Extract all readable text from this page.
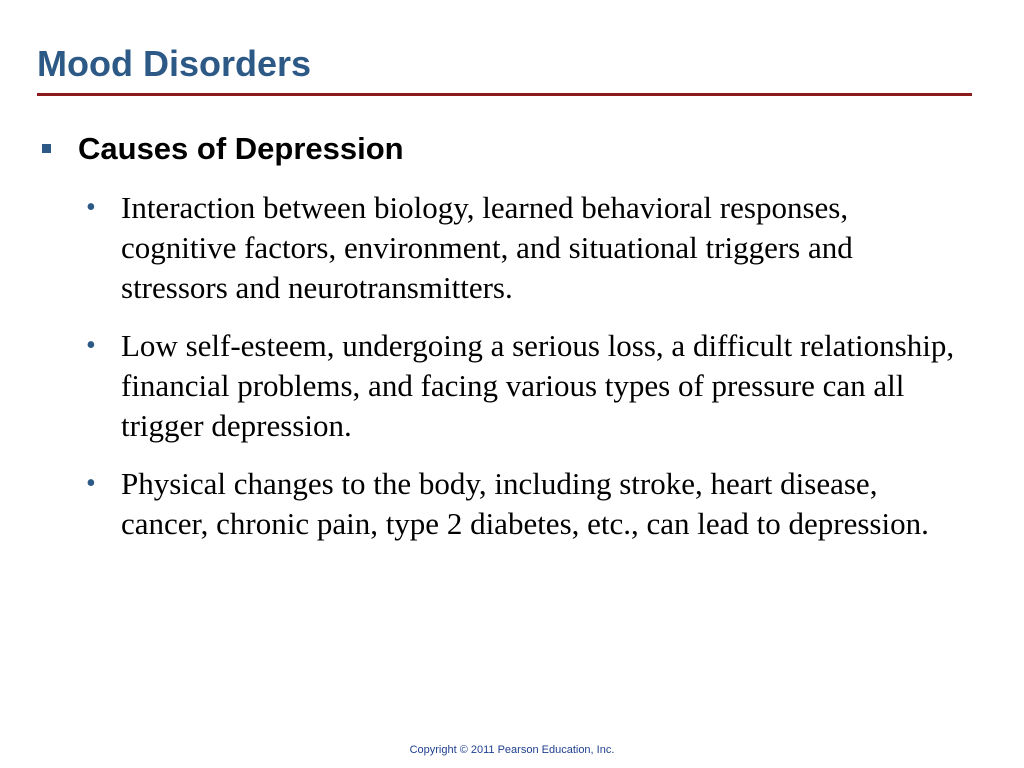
Mood Disorders
Causes of Depression
• Interaction between biology, learned behavioral responses, cognitive factors, environment, and situational triggers and stressors and neurotransmitters.
• Low self-esteem, undergoing a serious loss, a difficult relationship, financial problems, and facing various types of pressure can all trigger depression.
• Physical changes to the body, including stroke, heart disease, cancer, chronic pain, type 2 diabetes, etc., can lead to depression.
Copyright © 2011 Pearson Education, Inc.
